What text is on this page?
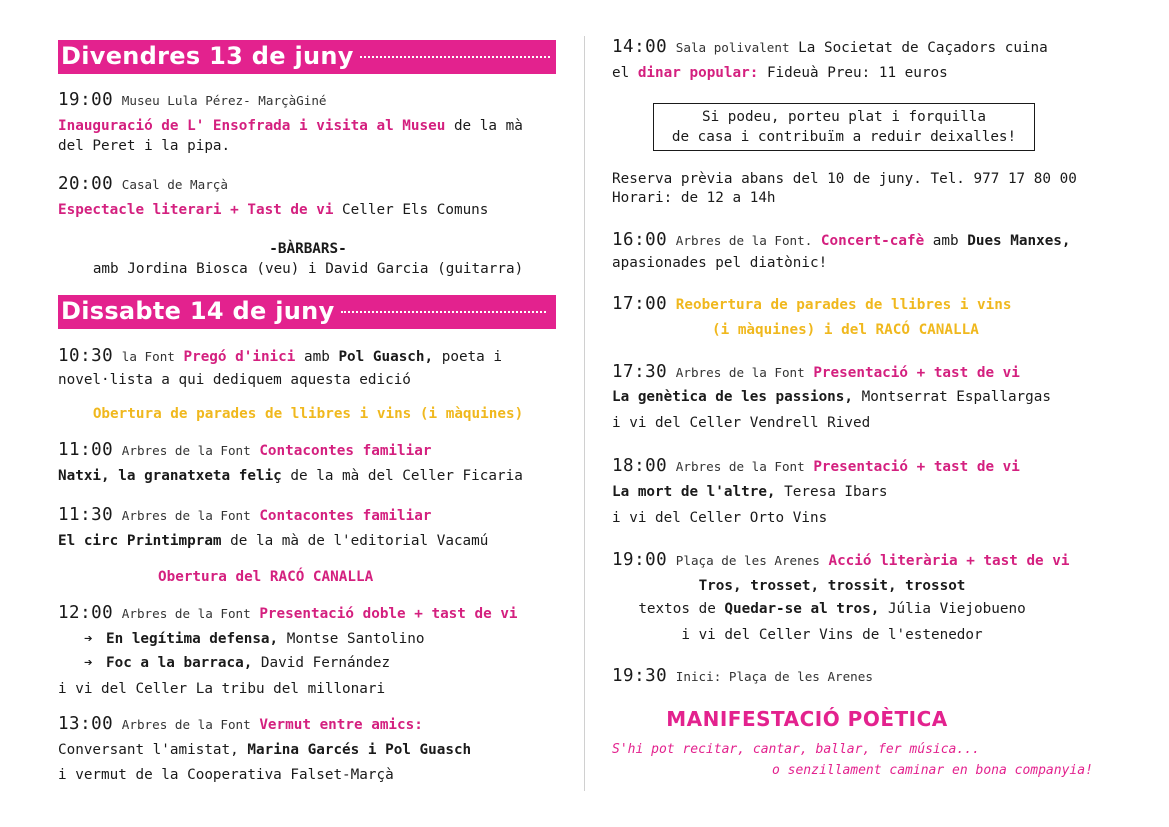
Divendres 13 de juny
19:00 Museu Lula Pérez- MarçàGiné
Inauguració de L' Ensofrada i visita al Museu de la mà
del Peret i la pipa.
20:00 Casal de Marçà
Espectacle literari + Tast de vi Celler Els Comuns
-BÀRBARS-
amb Jordina Biosca (veu) i David Garcia (guitarra)
Dissabte 14 de juny
10:30 la Font Pregó d'inici amb Pol Guasch, poeta i
novel·lista a qui dediquem aquesta edició
Obertura de parades de llibres i vins (i màquines)
11:00 Arbres de la Font Contacontes familiar
Natxi, la granatxeta feliç de la mà del Celler Ficaria
11:30 Arbres de la Font Contacontes familiar
El circ Printimpram de la mà de l'editorial Vacamú
Obertura del RACÓ CANALLA
12:00 Arbres de la Font Presentació doble + tast de vi
➔ En legítima defensa, Montse Santolino
➔ Foc a la barraca, David Fernández
i vi del Celler La tribu del millonari
13:00 Arbres de la Font Vermut entre amics:
Conversant l'amistat, Marina Garcés i Pol Guasch
i vermut de la Cooperativa Falset-Marçà
14:00 Sala polivalent La Societat de Caçadors cuina
el dinar popular: Fideuà Preu: 11 euros
Si podeu, porteu plat i forquilla
de casa i contribuïm a reduir deixalles!
Reserva prèvia abans del 10 de juny. Tel. 977 17 80 00
Horari: de 12 a 14h
16:00 Arbres de la Font. Concert-cafè amb Dues Manxes,
apasionades pel diatònic!
17:00 Reobertura de parades de llibres i vins
(i màquines) i del RACÓ CANALLA
17:30 Arbres de la Font Presentació + tast de vi
La genètica de les passions, Montserrat Espallargas
i vi del Celler Vendrell Rived
18:00 Arbres de la Font Presentació + tast de vi
La mort de l'altre, Teresa Ibars
i vi del Celler Orto Vins
19:00 Plaça de les Arenes Acció literària + tast de vi
Tros, trosset, trossit, trossot
textos de Quedar-se al tros, Júlia Viejobueno
i vi del Celler Vins de l'estenedor
19:30 Inici: Plaça de les Arenes
MANIFESTACIÓ POÈTICA
S'hi pot recitar, cantar, ballar, fer música...
o senzillament caminar en bona companyia!
